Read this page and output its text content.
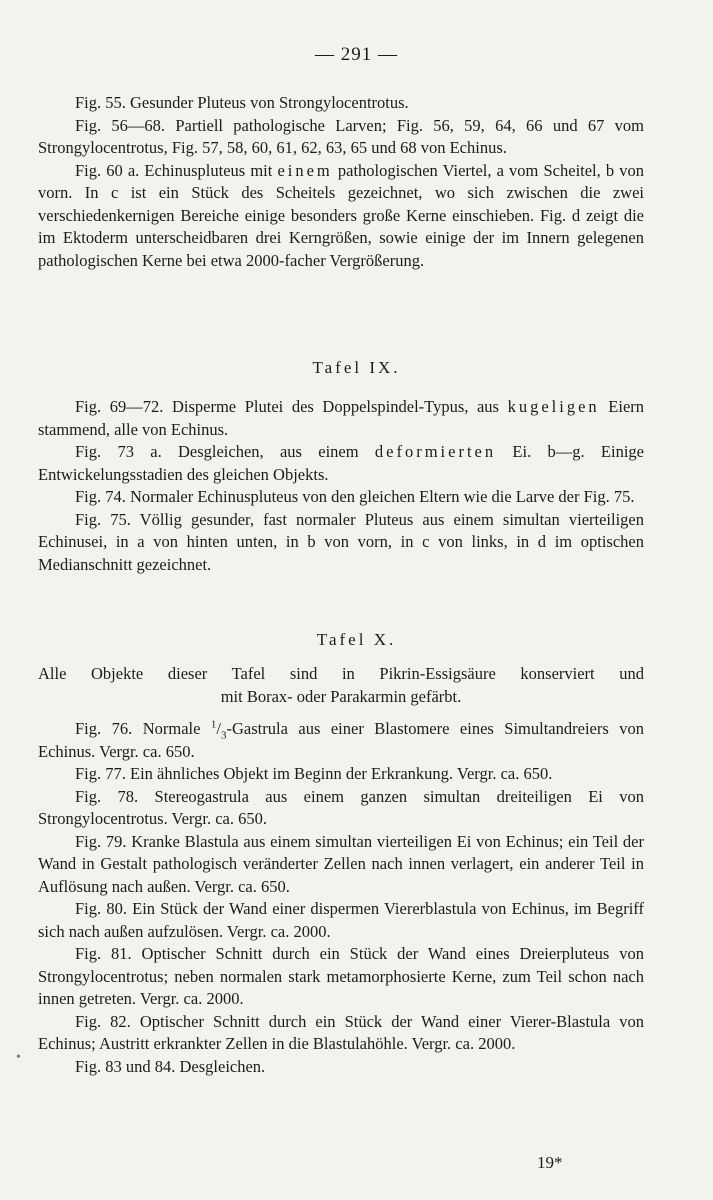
— 291 —

Fig. 55. Gesunder Pluteus von Strongylocentrotus.

Fig. 56—68. Partiell pathologische Larven; Fig. 56, 59, 64, 66 und 67 vom Strongylocentrotus, Fig. 57, 58, 60, 61, 62, 63, 65 und 68 von Echinus.

Fig. 60 a. Echinuspluteus mit einem pathologischen Viertel, a vom Scheitel, b von vorn. In c ist ein Stück des Scheitels gezeichnet, wo sich zwischen die zwei verschiedenkernigen Bereiche einige besonders große Kerne einschieben. Fig. d zeigt die im Ektoderm unterscheidbaren drei Kerngrößen, sowie einige der im Innern gelegenen pathologischen Kerne bei etwa 2000-facher Vergrößerung.

Tafel IX.

Fig. 69—72. Disperme Plutei des Doppelspindel-Typus, aus kugeligen Eiern stammend, alle von Echinus.

Fig. 73 a. Desgleichen, aus einem deformierten Ei. b—g. Einige Entwickelungsstadien des gleichen Objekts.

Fig. 74. Normaler Echinuspluteus von den gleichen Eltern wie die Larve der Fig. 75.

Fig. 75. Völlig gesunder, fast normaler Pluteus aus einem simultan vierteiligen Echinusei, in a von hinten unten, in b von vorn, in c von links, in d im optischen Medianschnitt gezeichnet.

Tafel X.
Alle Objekte dieser Tafel sind in Pikrin-Essigsäure konserviert und
mit Borax- oder Parakarmin gefärbt.

Fig. 76. Normale $^1/_3$-Gastrula aus einer Blastomere eines Simultandreiers von Echinus. Vergr. ca. 650.

Fig. 77. Ein ähnliches Objekt im Beginn der Erkrankung. Vergr. ca. 650.

Fig. 78. Stereogastrula aus einem ganzen simultan dreiteiligen Ei von Strongylocentrotus. Vergr. ca. 650.

Fig. 79. Kranke Blastula aus einem simultan vierteiligen Ei von Echinus; ein Teil der Wand in Gestalt pathologisch veränderter Zellen nach innen verlagert, ein anderer Teil in Auflösung nach außen. Vergr. ca. 650.

Fig. 80. Ein Stück der Wand einer dispermen Viererblastula von Echinus, im Begriff sich nach außen aufzulösen. Vergr. ca. 2000.

Fig. 81. Optischer Schnitt durch ein Stück der Wand eines Dreierpluteus von Strongylocentrotus; neben normalen stark metamorphosierte Kerne, zum Teil schon nach innen getreten. Vergr. ca. 2000.

Fig. 82. Optischer Schnitt durch ein Stück der Wand einer Vierer-Blastula von Echinus; Austritt erkrankter Zellen in die Blastulahöhle. Vergr. ca. 2000.

Fig. 83 und 84. Desgleichen.

19*
•
